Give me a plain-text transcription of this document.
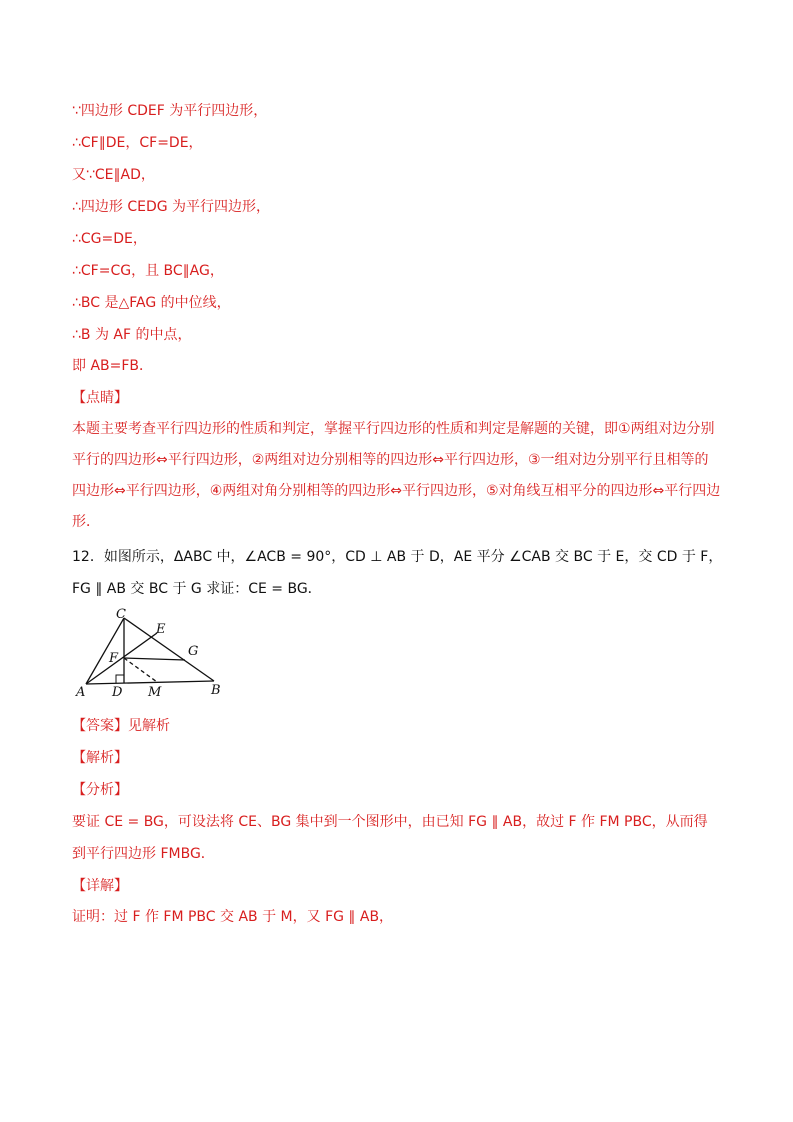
∵四边形 CDEF 为平行四边形，
∴CF∥DE，CF=DE，
又∵CE∥AD，
∴四边形 CEDG 为平行四边形，
∴CG=DE，
∴CF=CG，且 BC∥AG，
∴BC 是△FAG 的中位线，
∴B 为 AF 的中点，
即 AB=FB．
【点睛】
本题主要考查平行四边形的性质和判定，掌握平行四边形的性质和判定是解题的关键，即①两组对边分别平行的四边形⇔平行四边形，②两组对边分别相等的四边形⇔平行四边形，③一组对边分别平行且相等的四边形⇔平行四边形，④两组对角分别相等的四边形⇔平行四边形，⑤对角线互相平分的四边形⇔平行四边形．
12．如图所示，ΔABC 中，∠ACB = 90°，CD ⊥ AB 于 D，AE 平分 ∠CAB 交 BC 于 E，交 CD 于 F，
FG ∥ AB 交 BC 于 G 求证：CE = BG．
C
E
G
F
A D M	B
【答案】见解析
【解析】
【分析】
要证 CE = BG，可设法将 CE、BG 集中到一个图形中，由已知 FG ∥ AB，故过 F 作 FM PBC，从而得
到平行四边形 FMBG．
【详解】
证明：过 F 作 FM PBC 交 AB 于 M，又 FG ∥ AB，
